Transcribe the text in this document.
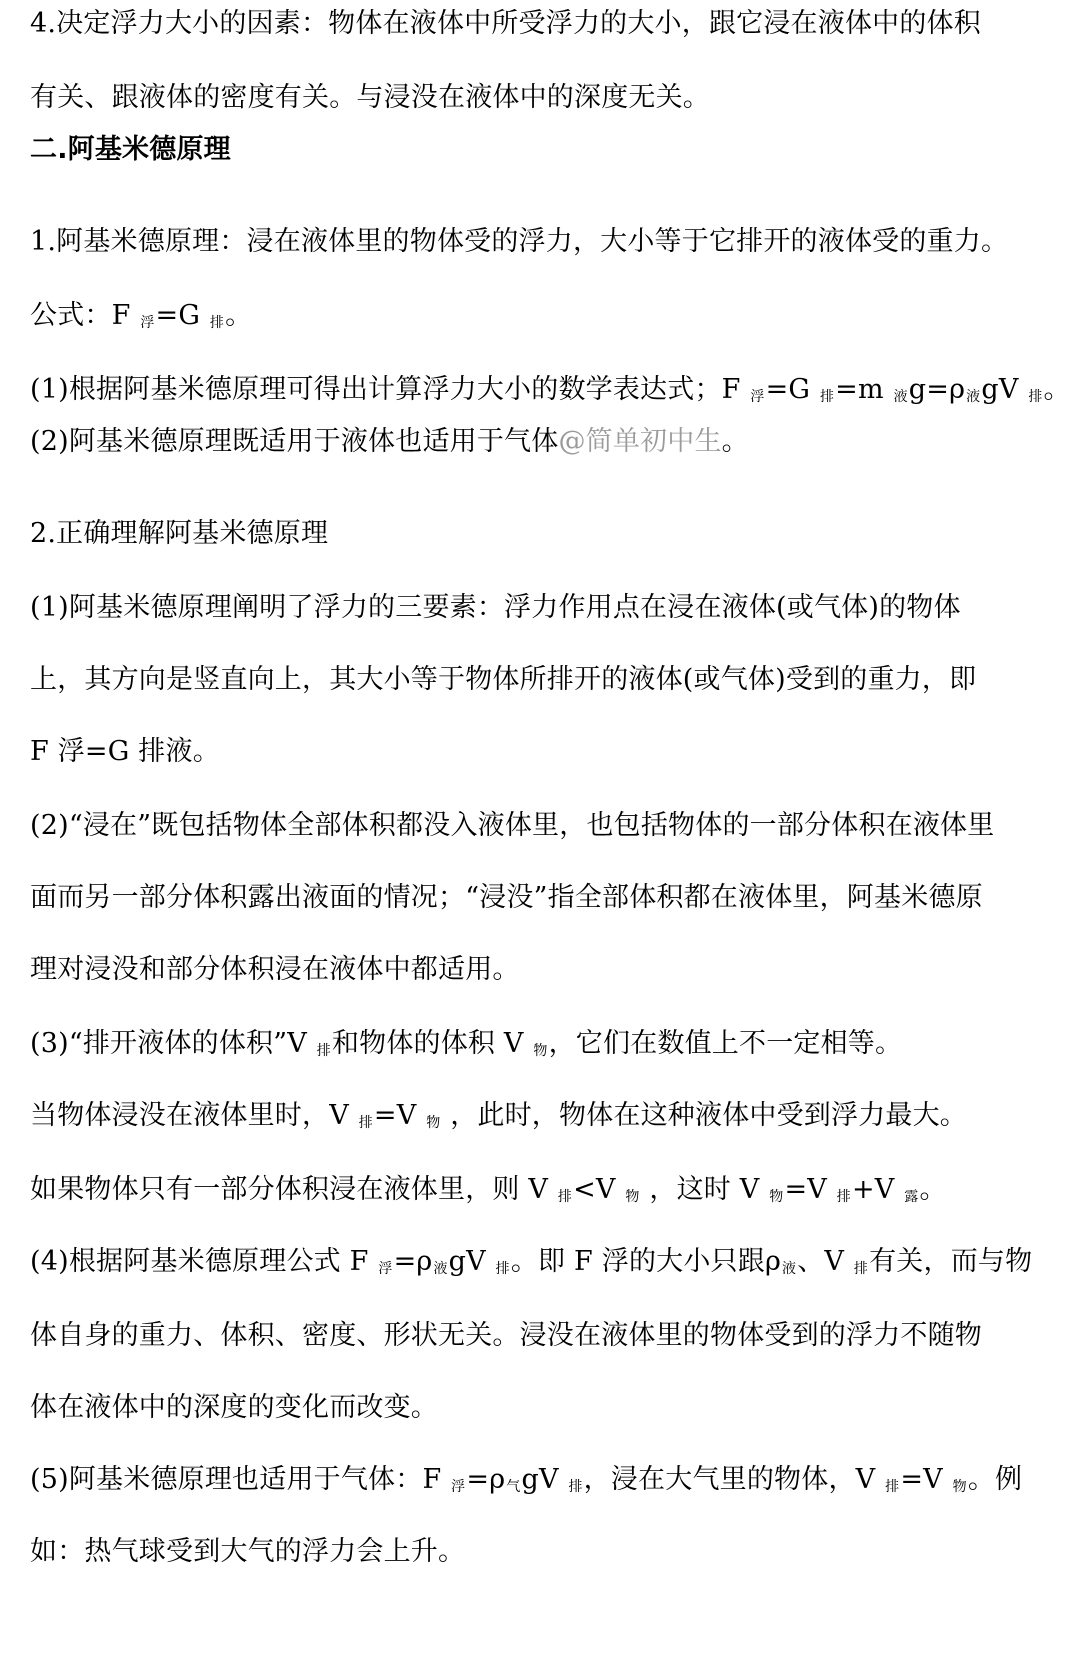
4.决定浮力大小的因素：物体在液体中所受浮力的大小，跟它浸在液体中的体积
有关、跟液体的密度有关。与浸没在液体中的深度无关。
二.阿基米德原理
1.阿基米德原理：浸在液体里的物体受的浮力，大小等于它排开的液体受的重力。
公式：F $_浮$=G $_排$。
(1)根据阿基米德原理可得出计算浮力大小的数学表达式；F $_浮$=G $_排$=m $_液g=\rho_液gV$ $_排$。
(2)阿基米德原理既适用于液体也适用于气体@简单初中生。
2.正确理解阿基米德原理
(1)阿基米德原理阐明了浮力的三要素：浮力作用点在浸在液体(或气体)的物体
上，其方向是竖直向上，其大小等于物体所排开的液体(或气体)受到的重力，即
F 浮=G 排液。
(2)“浸在”既包括物体全部体积都没入液体里，也包括物体的一部分体积在液体里
面而另一部分体积露出液面的情况；“浸没”指全部体积都在液体里，阿基米德原
理对浸没和部分体积浸在液体中都适用。
(3)“排开液体的体积”V $_排$和物体的体积 V $_物$，它们在数值上不一定相等。
当物体浸没在液体里时，V $_排$=V $_物$ ，此时，物体在这种液体中受到浮力最大。
如果物体只有一部分体积浸在液体里，则 V $_排$<V $_物$ ，这时 V $_物$=V $_排$+V $_露$。
(4)根据阿基米德原理公式 F $_浮=\rho_液gV$ $_排$。即 F 浮的大小只跟$\rho_液$、V $_排$有关，而与物
体自身的重力、体积、密度、形状无关。浸没在液体里的物体受到的浮力不随物
体在液体中的深度的变化而改变。
(5)阿基米德原理也适用于气体：F $_浮=\rho_气gV$ $_排$，浸在大气里的物体，V $_排$=V $_物$。例
如：热气球受到大气的浮力会上升。
